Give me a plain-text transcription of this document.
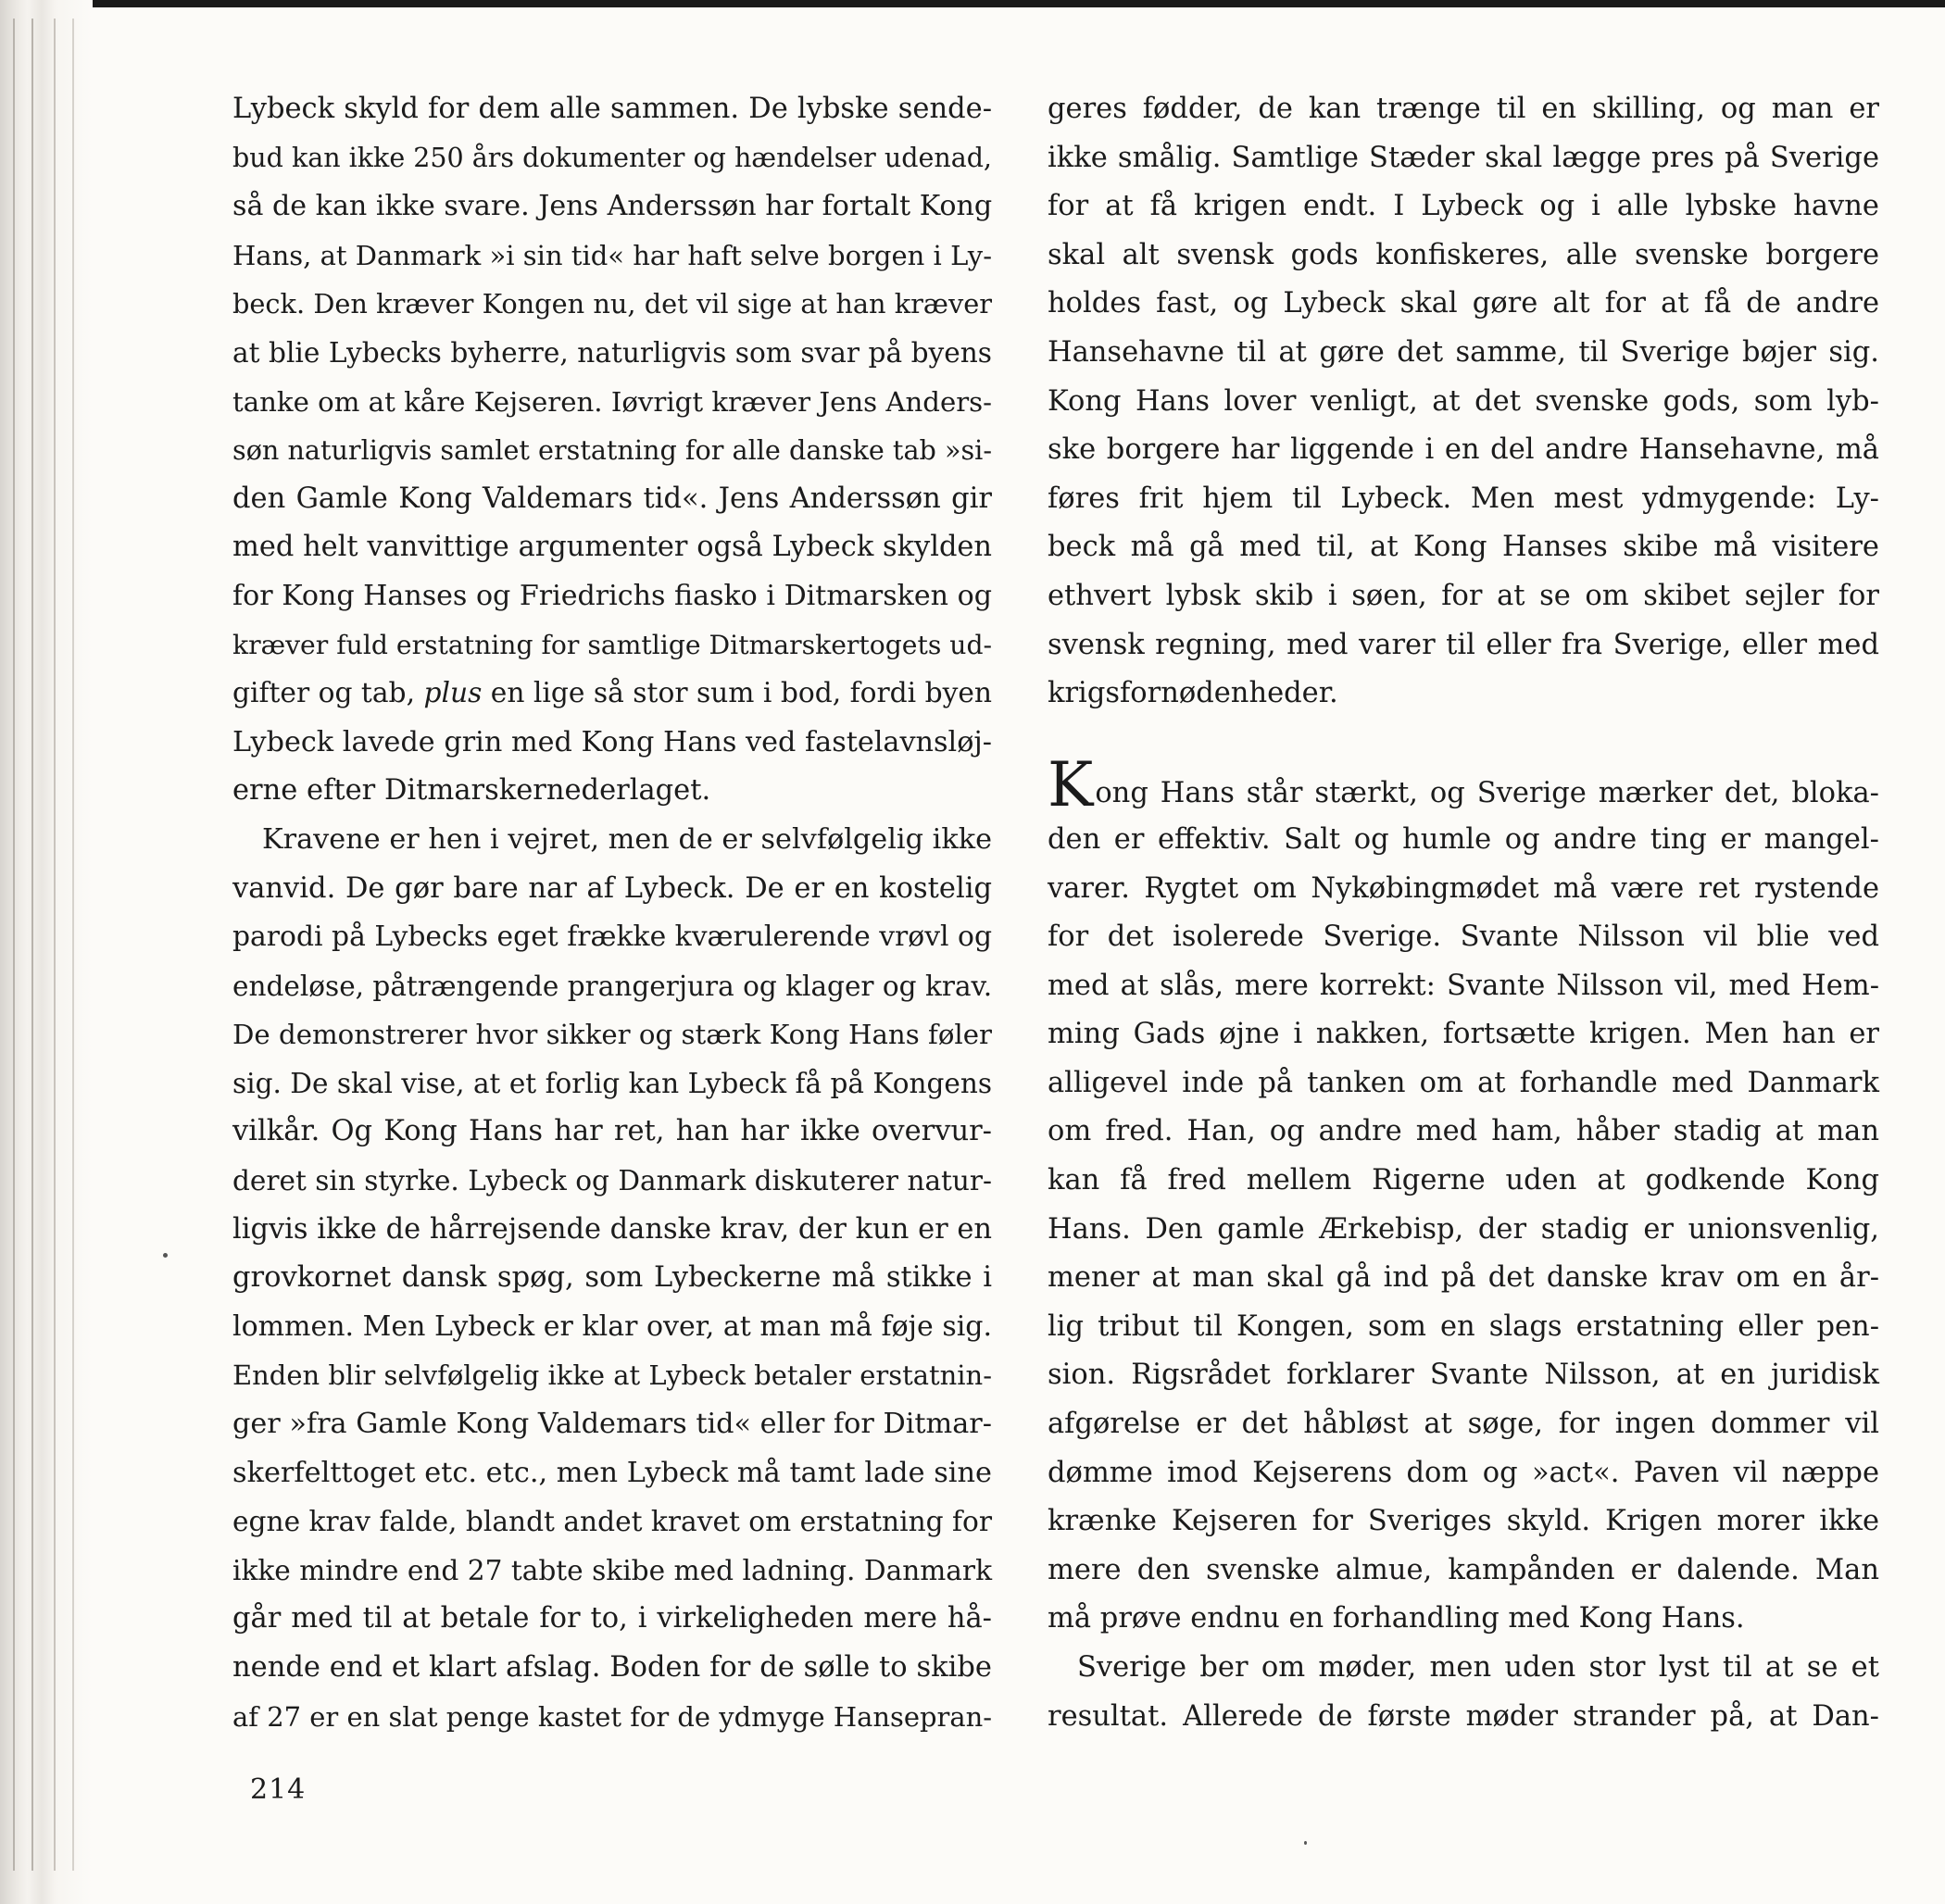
Lybeck skyld for dem alle sammen. De lybske sende-
bud kan ikke 250 års dokumenter og hændelser udenad,
så de kan ikke svare. Jens Anderssøn har fortalt Kong
Hans, at Danmark »i sin tid« har haft selve borgen i Ly-
beck. Den kræver Kongen nu, det vil sige at han kræver
at blie Lybecks byherre, naturligvis som svar på byens
tanke om at kåre Kejseren. Iøvrigt kræver Jens Anders-
søn naturligvis samlet erstatning for alle danske tab »si-
den Gamle Kong Valdemars tid«. Jens Anderssøn gir
med helt vanvittige argumenter også Lybeck skylden
for Kong Hanses og Friedrichs fiasko i Ditmarsken og
kræver fuld erstatning for samtlige Ditmarskertogets ud-
gifter og tab, plus en lige så stor sum i bod, fordi byen
Lybeck lavede grin med Kong Hans ved fastelavnsløj-
erne efter Ditmarskernederlaget.
Kravene er hen i vejret, men de er selvfølgelig ikke
vanvid. De gør bare nar af Lybeck. De er en kostelig
parodi på Lybecks eget frække kværulerende vrøvl og
endeløse, påtrængende prangerjura og klager og krav.
De demonstrerer hvor sikker og stærk Kong Hans føler
sig. De skal vise, at et forlig kan Lybeck få på Kongens
vilkår. Og Kong Hans har ret, han har ikke overvur-
deret sin styrke. Lybeck og Danmark diskuterer natur-
ligvis ikke de hårrejsende danske krav, der kun er en
grovkornet dansk spøg, som Lybeckerne må stikke i
lommen. Men Lybeck er klar over, at man må føje sig.
Enden blir selvfølgelig ikke at Lybeck betaler erstatnin-
ger »fra Gamle Kong Valdemars tid« eller for Ditmar-
skerfelttoget etc. etc., men Lybeck må tamt lade sine
egne krav falde, blandt andet kravet om erstatning for
ikke mindre end 27 tabte skibe med ladning. Danmark
går med til at betale for to, i virkeligheden mere hå-
nende end et klart afslag. Boden for de sølle to skibe
af 27 er en slat penge kastet for de ydmyge Hansepran-
geres fødder, de kan trænge til en skilling, og man er
ikke smålig. Samtlige Stæder skal lægge pres på Sverige
for at få krigen endt. I Lybeck og i alle lybske havne
skal alt svensk gods konfiskeres, alle svenske borgere
holdes fast, og Lybeck skal gøre alt for at få de andre
Hansehavne til at gøre det samme, til Sverige bøjer sig.
Kong Hans lover venligt, at det svenske gods, som lyb-
ske borgere har liggende i en del andre Hansehavne, må
føres frit hjem til Lybeck. Men mest ydmygende: Ly-
beck må gå med til, at Kong Hanses skibe må visitere
ethvert lybsk skib i søen, for at se om skibet sejler for
svensk regning, med varer til eller fra Sverige, eller med
krigsfornødenheder.
Kong Hans står stærkt, og Sverige mærker det, bloka-
den er effektiv. Salt og humle og andre ting er mangel-
varer. Rygtet om Nykøbingmødet må være ret rystende
for det isolerede Sverige. Svante Nilsson vil blie ved
med at slås, mere korrekt: Svante Nilsson vil, med Hem-
ming Gads øjne i nakken, fortsætte krigen. Men han er
alligevel inde på tanken om at forhandle med Danmark
om fred. Han, og andre med ham, håber stadig at man
kan få fred mellem Rigerne uden at godkende Kong
Hans. Den gamle Ærkebisp, der stadig er unionsvenlig,
mener at man skal gå ind på det danske krav om en år-
lig tribut til Kongen, som en slags erstatning eller pen-
sion. Rigsrådet forklarer Svante Nilsson, at en juridisk
afgørelse er det håbløst at søge, for ingen dommer vil
dømme imod Kejserens dom og »act«. Paven vil næppe
krænke Kejseren for Sveriges skyld. Krigen morer ikke
mere den svenske almue, kampånden er dalende. Man
må prøve endnu en forhandling med Kong Hans.
Sverige ber om møder, men uden stor lyst til at se et
resultat. Allerede de første møder strander på, at Dan-
214
